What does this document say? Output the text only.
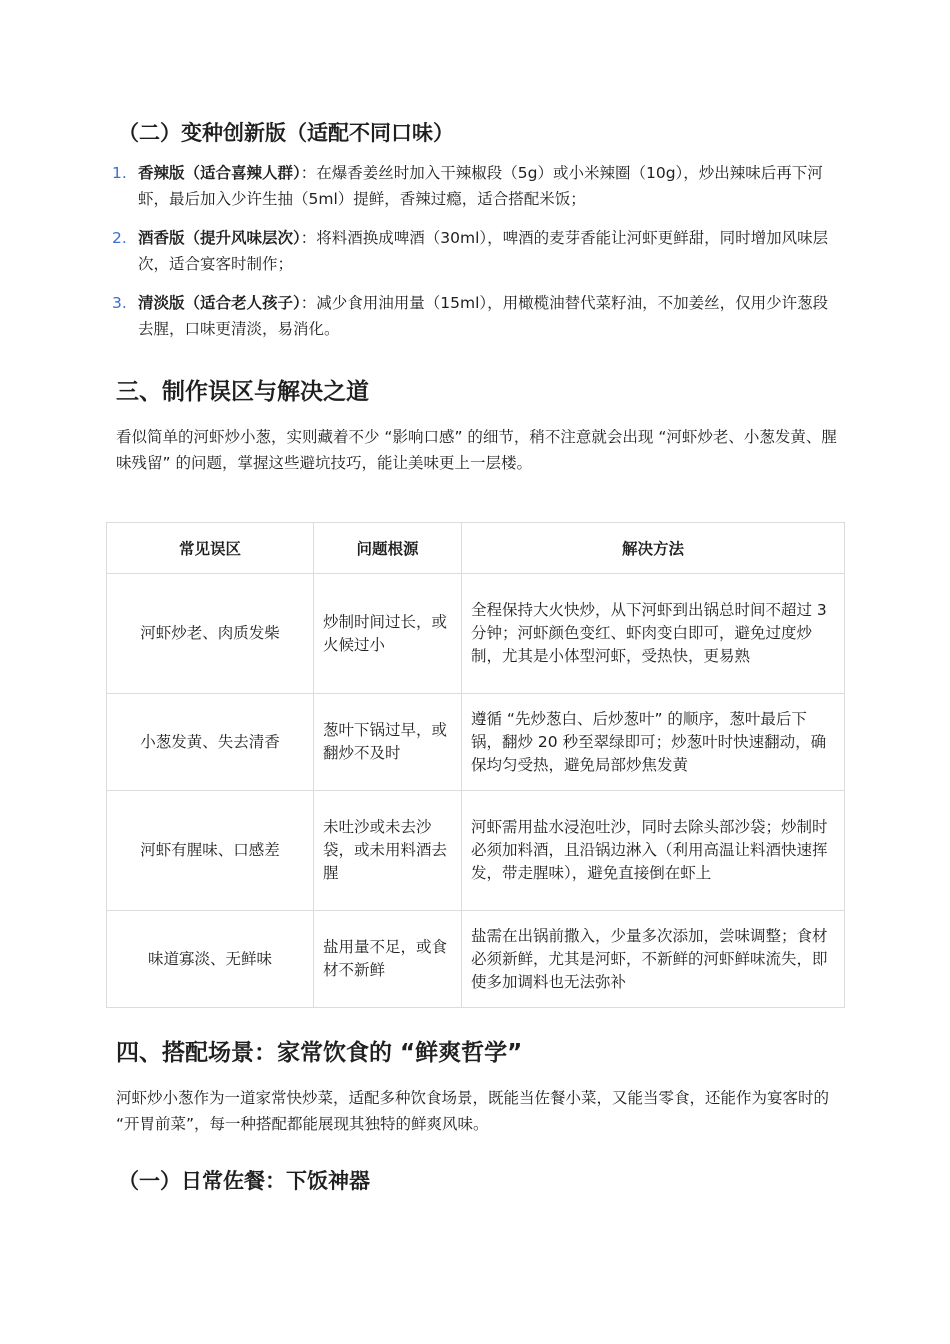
（二）变种创新版（适配不同口味）
1. 香辣版（适合喜辣人群）：在爆香姜丝时加入干辣椒段（5g）或小米辣圈（10g），炒出辣味后再下河虾，最后加入少许生抽（5ml）提鲜，香辣过瘾，适合搭配米饭；
2. 酒香版（提升风味层次）：将料酒换成啤酒（30ml），啤酒的麦芽香能让河虾更鲜甜，同时增加风味层次，适合宴客时制作；
3. 清淡版（适合老人孩子）：减少食用油用量（15ml），用橄榄油替代菜籽油，不加姜丝，仅用少许葱段去腥，口味更清淡，易消化。
三、制作误区与解决之道

看似简单的河虾炒小葱，实则藏着不少 “影响口感” 的细节，稍不注意就会出现 “河虾炒老、小葱发黄、腥味残留” 的问题，掌握这些避坑技巧，能让美味更上一层楼。

常见误区	问题根源	解决方法
河虾炒老、肉质发柴	炒制时间过长，或火候过小	全程保持大火快炒，从下河虾到出锅总时间不超过 3 分钟；河虾颜色变红、虾肉变白即可，避免过度炒制，尤其是小体型河虾，受热快，更易熟
小葱发黄、失去清香	葱叶下锅过早，或翻炒不及时	遵循 “先炒葱白、后炒葱叶” 的顺序，葱叶最后下锅，翻炒 20 秒至翠绿即可；炒葱叶时快速翻动，确保均匀受热，避免局部炒焦发黄
河虾有腥味、口感差	未吐沙或未去沙袋，或未用料酒去腥	河虾需用盐水浸泡吐沙，同时去除头部沙袋；炒制时必须加料酒，且沿锅边淋入（利用高温让料酒快速挥发，带走腥味），避免直接倒在虾上
味道寡淡、无鲜味	盐用量不足，或食材不新鲜	盐需在出锅前撒入，少量多次添加，尝味调整；食材必须新鲜，尤其是河虾，不新鲜的河虾鲜味流失，即使多加调料也无法弥补
四、搭配场景：家常饮食的 “鲜爽哲学”

河虾炒小葱作为一道家常快炒菜，适配多种饮食场景，既能当佐餐小菜，又能当零食，还能作为宴客时的 “开胃前菜”，每一种搭配都能展现其独特的鲜爽风味。

（一）日常佐餐：下饭神器
